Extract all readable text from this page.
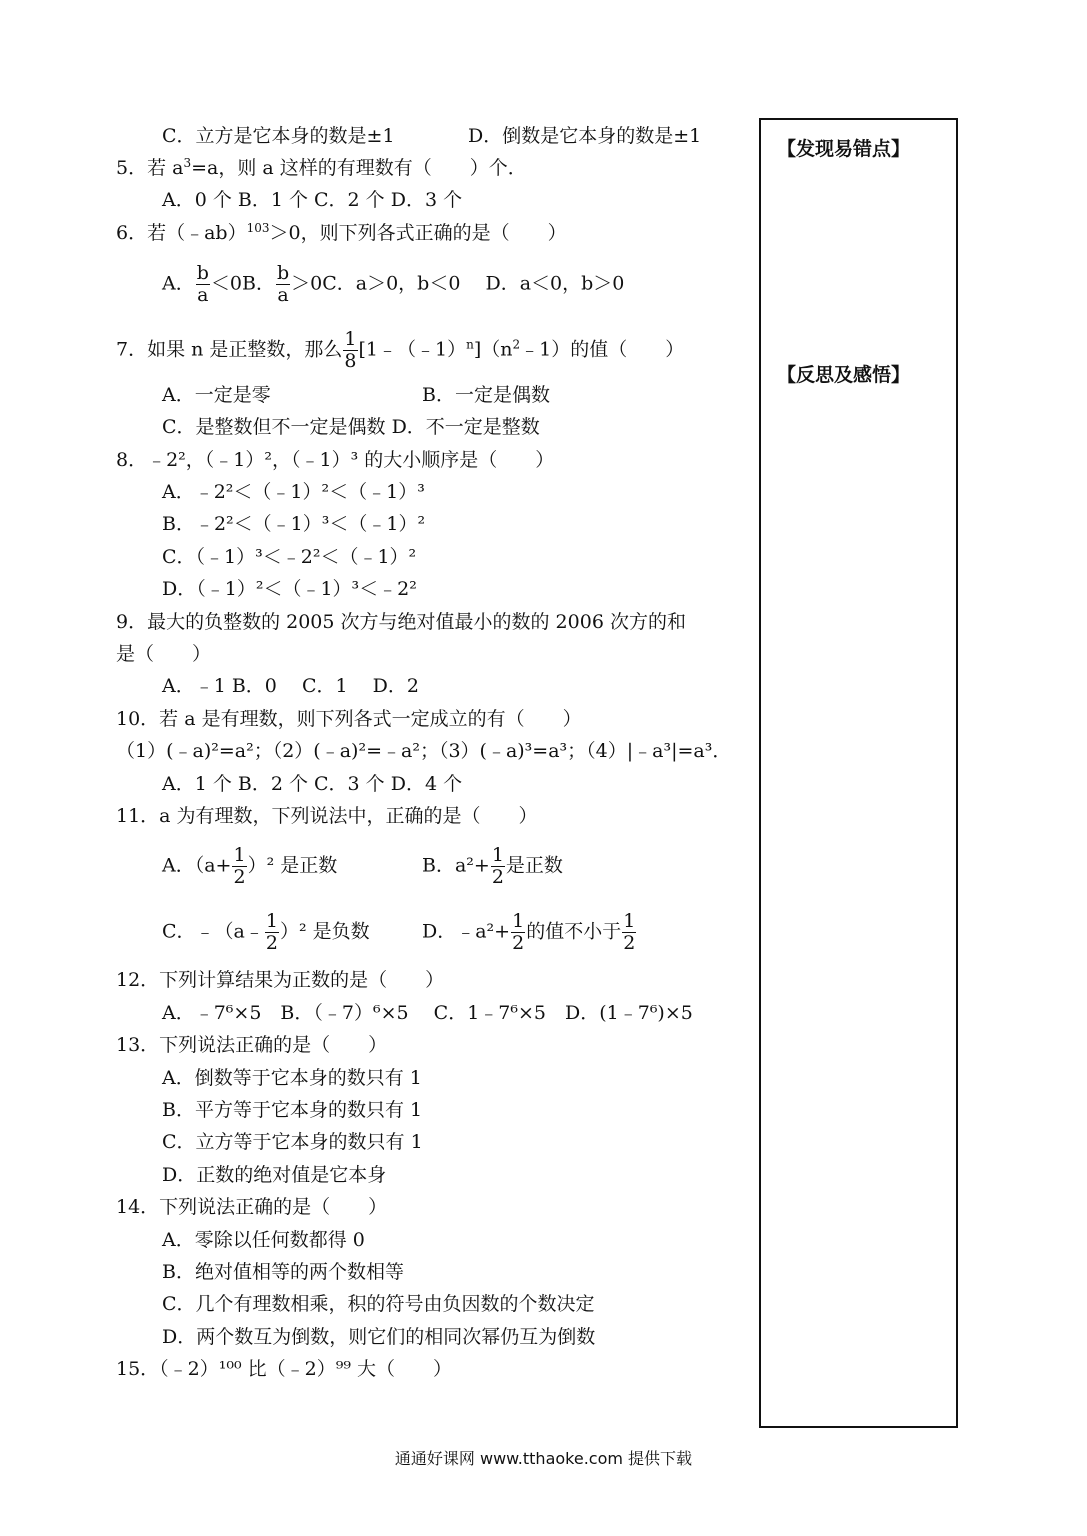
C．立方是它本身的数是±1	D．倒数是它本身的数是±1
5．若 $a^3=a$，则 a 这样的有理数有（　　）个．
A．0 个 B．1 个 C．2 个 D．3 个
6．若（﹣ab）$^{103}$＞0，则下列各式正确的是（　　）
A． $\frac{b}{a} <0B$． $\frac{b}{a} >0C$．a＞0，b＜0　 D．a＜0，b＞0
7．如果 n 是正整数，那么 $\frac{1}{8}$ $[1﹣(﹣1)^n](n^2﹣1)$的值（　　）
A．一定是零	B．一定是偶数
C．是整数但不一定是偶数 D．不一定是整数
8．﹣2²，（﹣1）²，（﹣1）³ 的大小顺序是（　　）
A．﹣2²＜（﹣1）²＜（﹣1）³
B．﹣2²＜（﹣1）³＜（﹣1）²
C．（﹣1）³＜﹣2²＜（﹣1）²
D．（﹣1）²＜（﹣1）³＜﹣2²
9．最大的负整数的 2005 次方与绝对值最小的数的 2006 次方的和
是（　　）
A．﹣1 B．0　 C．1　 D．2
10．若 a 是有理数，则下列各式一定成立的有（　　）
（1）(﹣a)²=a²；（2）(﹣a)²=﹣a²；（3）(﹣a)³=a³；（4）|﹣a³|=a³．
A．1 个 B．2 个 C．3 个 D．4 个
11．a 为有理数，下列说法中，正确的是（　　）
A．$(a+ \frac{1}{2} )^2$ 是正数	B．$a^2+ \frac{1}{2}$ 是正数
C．﹣（a﹣ $\frac{1}{2} )^2$ 是负数	D．﹣a²+ $\frac{1}{2}$ 的值不小于 $\frac{1}{2}$
12．下列计算结果为正数的是（　　）
A．﹣7⁶×5　B．（﹣7）⁶×5　 C．1﹣7⁶×5　D．(1﹣7⁶)×5
13．下列说法正确的是（　　）
A．倒数等于它本身的数只有 1
B．平方等于它本身的数只有 1
C．立方等于它本身的数只有 1
D．正数的绝对值是它本身
14．下列说法正确的是（　　）
A．零除以任何数都得 0
B．绝对值相等的两个数相等
C．几个有理数相乘，积的符号由负因数的个数决定
D．两个数互为倒数，则它们的相同次幂仍互为倒数
15．（﹣2）¹⁰⁰ 比（﹣2）⁹⁹ 大（　　）
【发现易错点】
【反思及感悟】
通通好课网 www.tthaoke.com 提供下载
